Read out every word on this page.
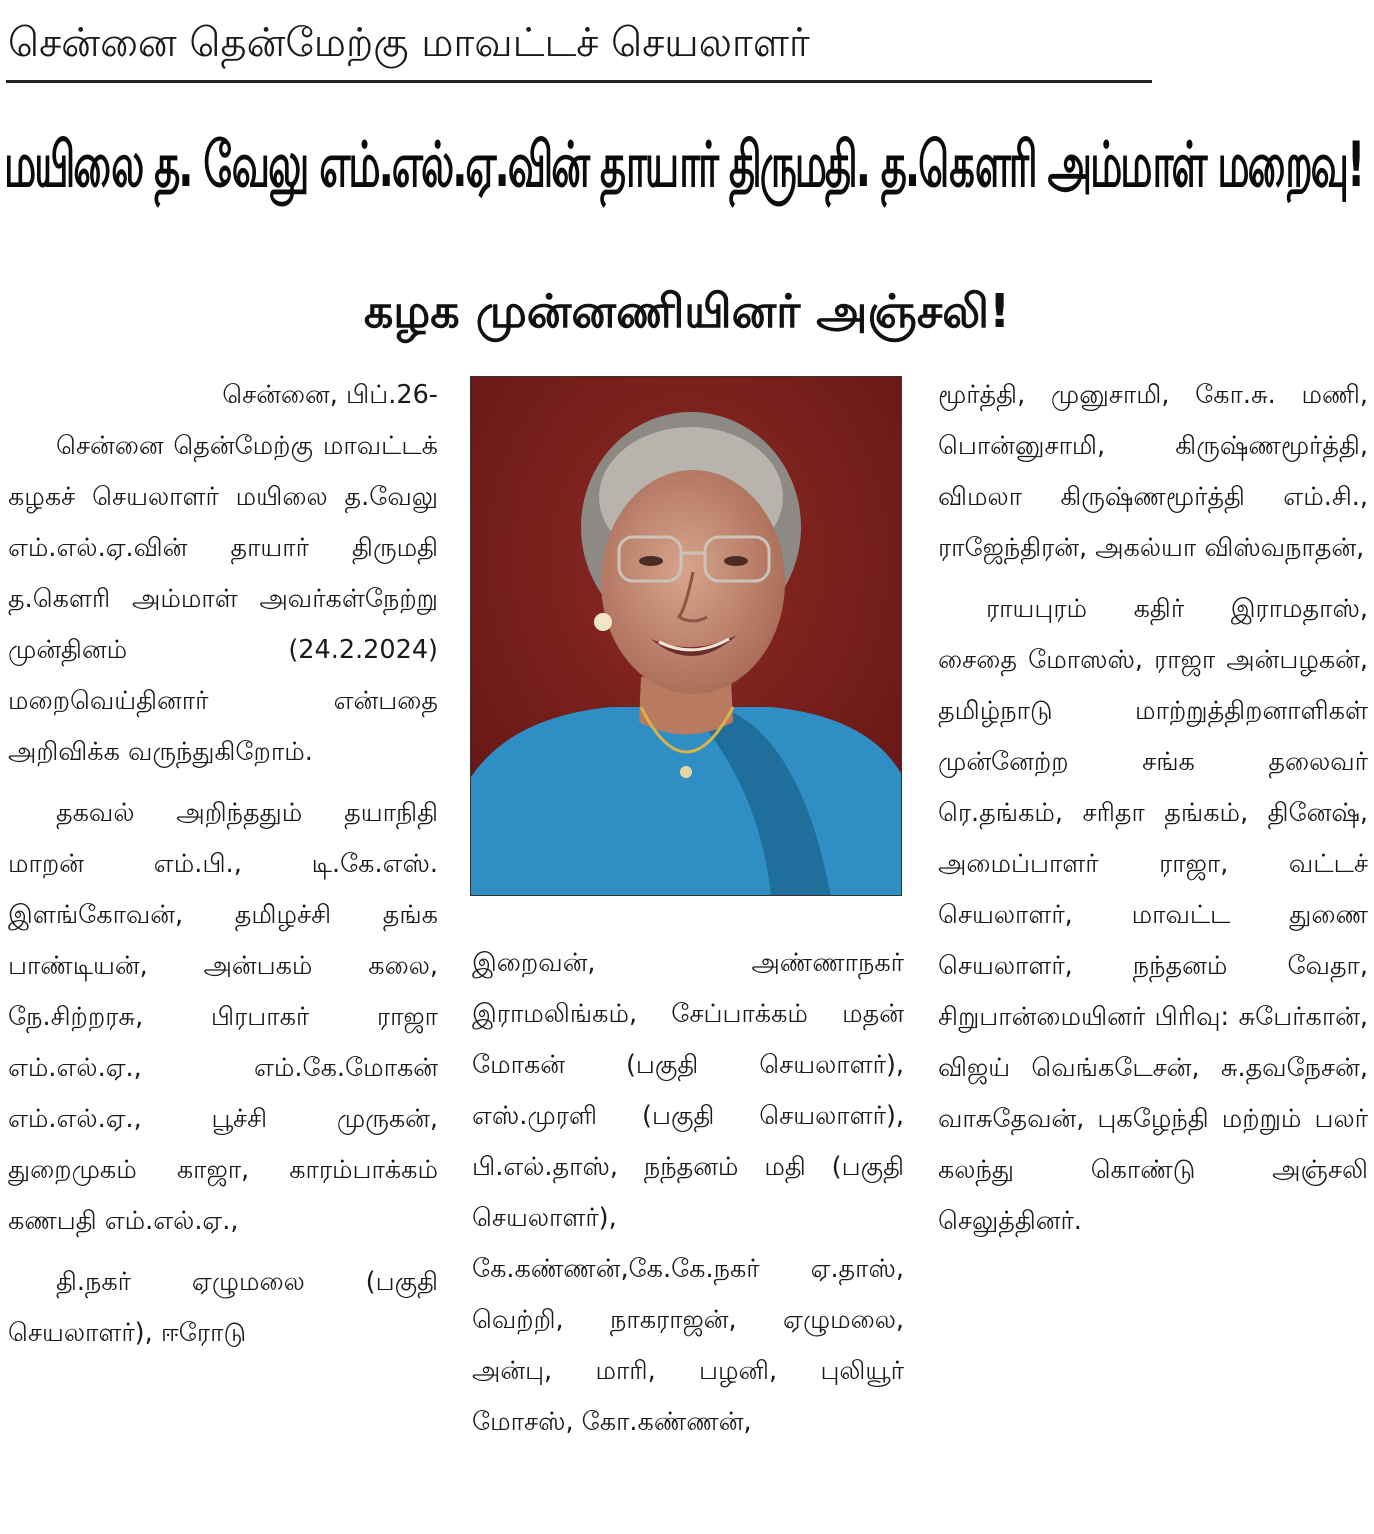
சென்னை தென்மேற்கு மாவட்டச் செயலாளர்
மயிலை த. வேலு எம்.எல்.ஏ.வின் தாயார் திருமதி. த.கௌரி அம்மாள் மறைவு!
கழக முன்னணியினர் அஞ்சலி!

சென்னை, பிப்.26-

சென்னை தென்மேற்கு மாவட்டக் கழகச் செயலாளர் மயிலை த.வேலு எம்.எல்.ஏ.வின் தாயார் திருமதி த.கௌரி அம்மாள் அவர்கள்நேற்று முன்தினம் (24.2.2024) மறைவெய்தினார் என்பதை அறிவிக்க வருந்துகிறோம்.

தகவல் அறிந்ததும் தயாநிதி மாறன் எம்.பி., டி.கே.எஸ். இளங்கோவன், தமிழச்சி தங்க பாண்டியன், அன்பகம் கலை, நே.சிற்றரசு, பிரபாகர் ராஜா எம்.எல்.ஏ., எம்.கே.மோகன் எம்.எல்.ஏ., பூச்சி முருகன், துறைமுகம் காஜா, காரம்பாக்கம் கணபதி எம்.எல்.ஏ.,

தி.நகர் ஏழுமலை (பகுதி செயலாளர்), ஈரோடு

இறைவன், அண்ணாநகர் இராமலிங்கம், சேப்பாக்கம் மதன் மோகன் (பகுதி செயலாளர்), எஸ்.முரளி (பகுதி செயலாளர்), பி.எல்.தாஸ், நந்தனம் மதி (பகுதி செயலாளர்), கே.கண்ணன்,கே.கே.நகர் ஏ.தாஸ், வெற்றி, நாகராஜன், ஏழுமலை, அன்பு, மாரி, பழனி, புலியூர் மோசஸ், கோ.கண்ணன்,

மூர்த்தி, முனுசாமி, கோ.சு. மணி, பொன்னுசாமி, கிருஷ்ணமூர்த்தி, விமலா கிருஷ்ணமூர்த்தி எம்.சி., ராஜேந்திரன், அகல்யா விஸ்வநாதன்,

ராயபுரம் கதிர் இராமதாஸ், சைதை மோஸஸ், ராஜா அன்பழகன், தமிழ்நாடு மாற்றுத்திறனாளிகள் முன்னேற்ற சங்க தலைவர் ரெ.தங்கம், சரிதா தங்கம், தினேஷ், அமைப்பாளர் ராஜா, வட்டச் செயலாளர், மாவட்ட துணை செயலாளர், நந்தனம் வேதா, சிறுபான்மையினர் பிரிவு: சுபேர்கான், விஜய் வெங்கடேசன், சு.தவநேசன், வாசுதேவன், புகழேந்தி மற்றும் பலர் கலந்து கொண்டு அஞ்சலி செலுத்தினர்.
